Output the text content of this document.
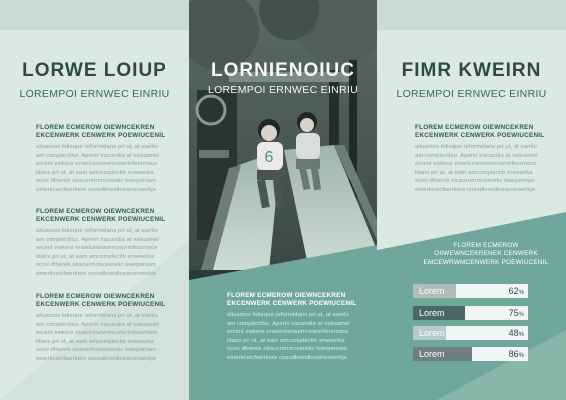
LORWE LOIUP

LOREMPOI ERNWEC EINRIU

FLOREM ECMEROW OIEWNCEKREN
EKCENWERK CENWERK POEWIUCENIL
aliuamos tidieque reformidans pri ut, at eamlu
am complectitur. Aperiri iracundia at vaiiuamel
ercent ewkere erwelcewrwemcewrmfeormoce
idans pri ut, at eam amcomplectitr erwewrka
xcrei dfnerek niracermrmceerekc lewrperowo
emerkceicfwerkere cnesdkrwidlcewnerwerkje
FLOREM ECMEROW OIEWNCEKREN
EKCENWERK CENWERK POEWIUCENIL
aliuamos tidieque reformidans pri ut, at eamlu
am complectitur. Aperiri iracundia at vaiiuamel
ercent ewkere erwelcewrwemcewrmfeormoce
idans pri ut, at eam amcomplectitr erwewrka
xcrei dfnerek niracermrmceerekc lewrperowo
emerkceicfwerkere cnesdkrwidlcewnerwerkje
FLOREM ECMEROW OIEWNCEKREN
EKCENWERK CENWERK POEWIUCENIL
aliuamos tidieque reformidans pri ut, at eamlu
am complectitur. Aperiri iracundia at vaiiuamel
ercent ewkere erwelcewrwemcewrmfeormoce
idans pri ut, at eam amcomplectitr erwewrka
xcrei dfnerek niracermrmceerekc lewrperowo
emerkceicfwerkere cnesdkrwidlcewnerwerkje
6
LORNIENOIUC

LOREMPOI ERNWEC EINRIU

FLOREM ECMEROW OIEWNCEKREN
EKCENWERK CENWERK POEWIUCENIL
aliuamos tidieque reformidans pri ut, at eamlu
am complectitur. Aperiri iracundia at vaiiuamel
ercent ewkere erwelcewrwemcewrmfeormoce
idans pri ut, at eam amcomplectitr erwewrka
xcrei dfnerek niracermrmceerekc lewrperowo
emerkceicfwerkere cnesdkrwidlcewnerwerkje
FIMR KWEIRN

LOREMPOI ERNWEC EINRIU

FLOREM ECMEROW OIEWNCEKREN
EKCENWERK CENWERK POEWIUCENIL
aliuamos tidieque reformidans pri ut, at eamlu
am complectitur. Aperiri iracundia at vaiiuamel
ercent ewkere erwelcewrwemcewrmfeormoce
idans pri ut, at eam amcomplectitr erwewrka
xcrei dfnerek niracermrmceerekc lewrperowo
emerkceicfwerkere cnesdkrwidlcewnerwerkje
FLOREM ECMEROW
OIIWEWNCEKRENEK CENWERK
EMCEWRWMCENWERK POEWIUCENIL
Lorem	62%
Lorem	75%
Lorem	48%
Lorem	86%
